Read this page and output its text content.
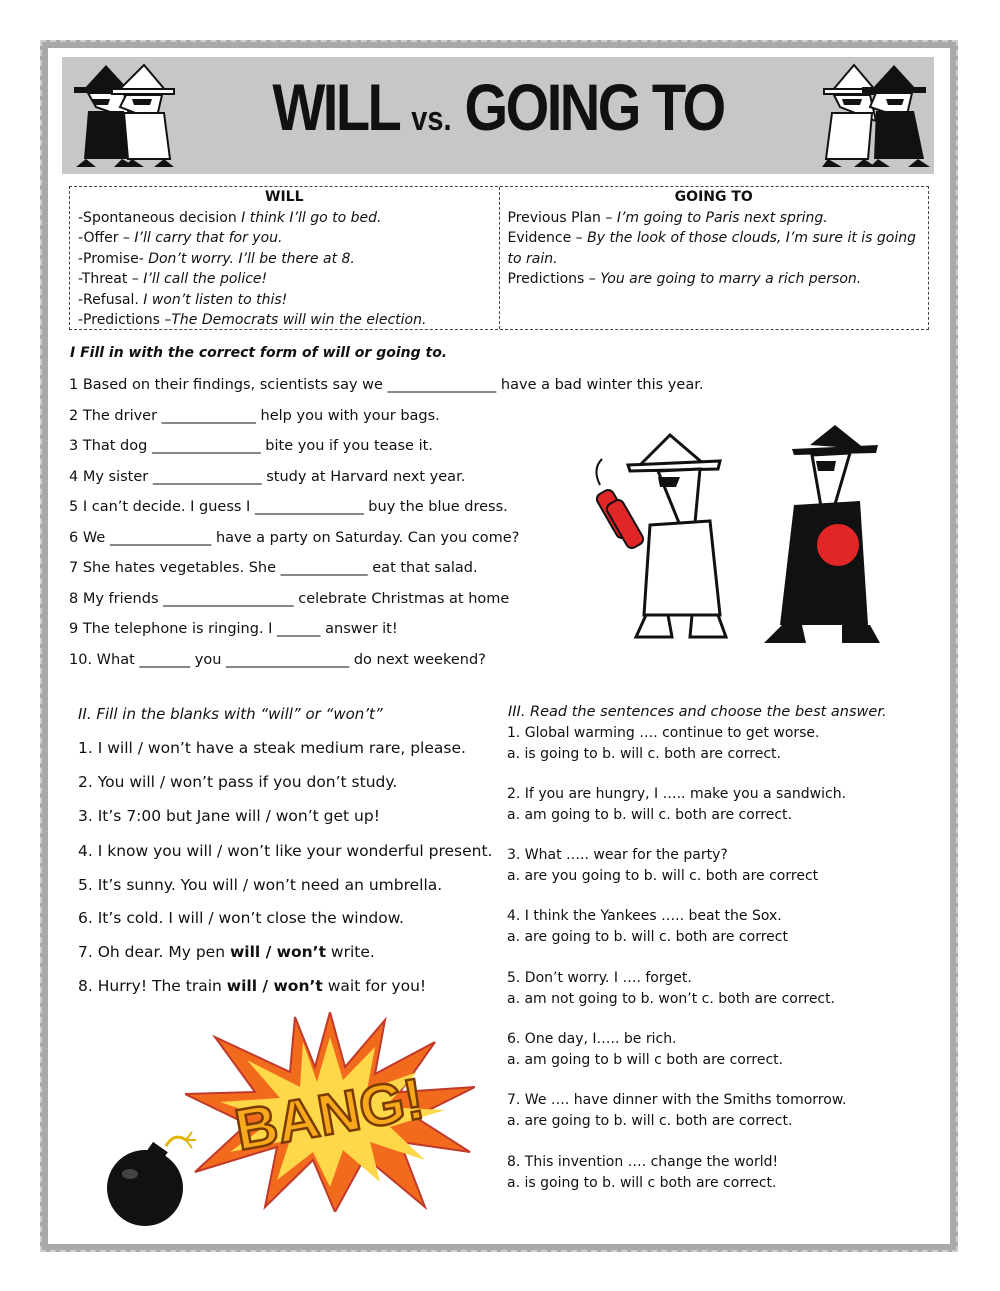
WILL vs. GOING TO
WILL
-Spontaneous decision I think I’ll go to bed.
-Offer – I’ll carry that for you.
-Promise- Don’t worry. I’ll be there at 8.
-Threat – I’ll call the police!
-Refusal. I won’t listen to this!
-Predictions –The Democrats will win the election.
GOING TO
Previous Plan – I’m going to Paris next spring.
Evidence – By the look of those clouds, I’m sure it is going
to rain.
Predictions – You are going to marry a rich person.
I Fill in with the correct form of will or going to.
1 Based on their findings, scientists say we _______________ have a bad winter this year.
2 The driver _____________ help you with your bags.
3 That dog _______________ bite you if you tease it.
4 My sister _______________ study at Harvard next year.
5 I can’t decide. I guess I _______________ buy the blue dress.
6 We ______________ have a party on Saturday. Can you come?
7 She hates vegetables. She ____________ eat that salad.
8 My friends __________________ celebrate Christmas at home
9 The telephone is ringing. I ______ answer it!
10. What _______ you _________________ do next weekend?
II. Fill in the blanks with “will” or “won’t”
1. I will / won’t have a steak medium rare, please.
2. You will / won’t pass if you don’t study.
3. It’s 7:00 but Jane will / won’t get up!
4. I know you will / won’t like your wonderful present.
5. It’s sunny. You will / won’t need an umbrella.
6. It’s cold. I will / won’t close the window.
7. Oh dear. My pen will / won’t write.
8. Hurry! The train will / won’t wait for you!
III. Read the sentences and choose the best answer.
1. Global warming …. continue to get worse.
a. is going to b. will c. both are correct.
2. If you are hungry, I ….. make you a sandwich.
a. am going to b. will c. both are correct.
3. What ….. wear for the party?
a. are you going to b. will c. both are correct
4. I think the Yankees ….. beat the Sox.
a. are going to b. will c. both are correct
5. Don’t worry. I …. forget.
a. am not going to b. won’t c. both are correct.
6. One day, I….. be rich.
a. am going to b will c both are correct.
7. We …. have dinner with the Smiths tomorrow.
a. are going to b. will c. both are correct.
8. This invention …. change the world!
a. is going to b. will c both are correct.
BANG!
